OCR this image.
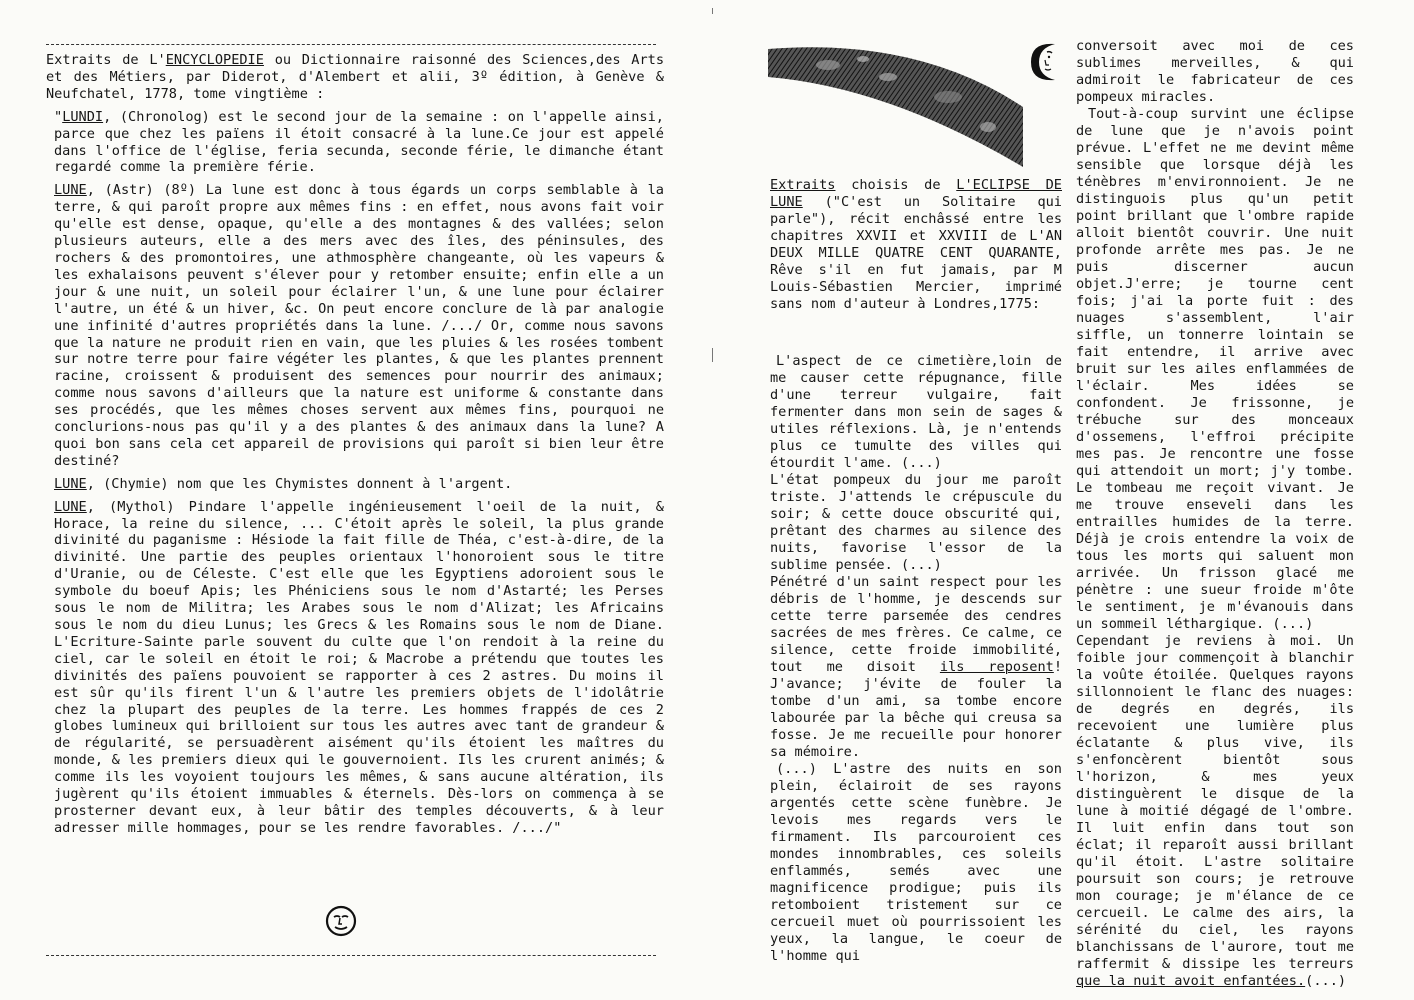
Extraits de L'ENCYCLOPEDIE ou Dictionnaire raisonné des Sciences,des Arts et des Métiers, par Diderot, d'Alembert et alii, 3º édition, à Genève & Neufchatel, 1778, tome vingtième :

"LUNDI, (Chronolog) est le second jour de la semaine : on l'appelle ainsi, parce que chez les païens il étoit consacré à la lune.Ce jour est appelé dans l'office de l'église, feria secunda, seconde férie, le dimanche étant regardé comme la première férie.

LUNE, (Astr) (8º) La lune est donc à tous égards un corps semblable à la terre, & qui paroît propre aux mêmes fins : en effet, nous avons fait voir qu'elle est dense, opaque, qu'elle a des montagnes & des vallées; selon plusieurs auteurs, elle a des mers avec des îles, des péninsules, des rochers & des promontoires, une athmosphère changeante, où les vapeurs & les exhalaisons peuvent s'élever pour y retomber ensuite; enfin elle a un jour & une nuit, un soleil pour éclairer l'un, & une lune pour éclairer l'autre, un été & un hiver, &c. On peut encore conclure de là par analogie une infinité d'autres propriétés dans la lune. /.../ Or, comme nous savons que la nature ne produit rien en vain, que les pluies & les rosées tombent sur notre terre pour faire végéter les plantes, & que les plantes prennent racine, croissent & produisent des semences pour nourrir des animaux; comme nous savons d'ailleurs que la nature est uniforme & constante dans ses procédés, que les mêmes choses servent aux mêmes fins, pourquoi ne conclurions-nous pas qu'il y a des plantes & des animaux dans la lune? A quoi bon sans cela cet appareil de provisions qui paroît si bien leur être destiné?

LUNE, (Chymie) nom que les Chymistes donnent à l'argent.

LUNE, (Mythol) Pindare l'appelle ingénieusement l'oeil de la nuit, & Horace, la reine du silence, ... C'étoit après le soleil, la plus grande divinité du paganisme : Hésiode la fait fille de Théa, c'est-à-dire, de la divinité. Une partie des peuples orientaux l'honoroient sous le titre d'Uranie, ou de Céleste. C'est elle que les Egyptiens adoroient sous le symbole du boeuf Apis; les Phéniciens sous le nom d'Astarté; les Perses sous le nom de Militra; les Arabes sous le nom d'Alizat; les Africains sous le nom du dieu Lunus; les Grecs & les Romains sous le nom de Diane. L'Ecriture-Sainte parle souvent du culte que l'on rendoit à la reine du ciel, car le soleil en étoit le roi; & Macrobe a prétendu que toutes les divinités des païens pouvoient se rapporter à ces 2 astres. Du moins il est sûr qu'ils firent l'un & l'autre les premiers objets de l'idolâtrie chez la plupart des peuples de la terre. Les hommes frappés de ces 2 globes lumineux qui brilloient sur tous les autres avec tant de grandeur & de régularité, se persuadèrent aisément qu'ils étoient les maîtres du monde, & les premiers dieux qui le gouvernoient. Ils les crurent animés; & comme ils les voyoient toujours les mêmes, & sans aucune altération, ils jugèrent qu'ils étoient immuables & éternels. Dès-lors on commença à se prosterner devant eux, à leur bâtir des temples découverts, & à leur adresser mille hommages, pour se les rendre favorables. /.../"

Extraits choisis de L'ECLIPSE DE LUNE ("C'est un Solitaire qui parle"), récit enchâssé entre les chapitres XXVII et XXVIII de L'AN DEUX MILLE QUATRE CENT QUARANTE, Rêve s'il en fut jamais, par M Louis-Sébastien Mercier, imprimé sans nom d'auteur à Londres,1775:

L'aspect de ce cimetière,loin de me causer cette répugnance, fille d'une terreur vulgaire, fait fermenter dans mon sein de sages & utiles réflexions. Là, je n'entends plus ce tumulte des villes qui étourdit l'ame. (...)

L'état pompeux du jour me paroît triste. J'attends le crépuscule du soir; & cette douce obscurité qui, prêtant des charmes au silence des nuits, favorise l'essor de la sublime pensée. (...)

Pénétré d'un saint respect pour les débris de l'homme, je descends sur cette terre parsemée des cendres sacrées de mes frères. Ce calme, ce silence, cette froide immobilité, tout me disoit ils reposent! J'avance; j'évite de fouler la tombe d'un ami, sa tombe encore labourée par la bêche qui creusa sa fosse. Je me recueille pour honorer sa mémoire.

(...) L'astre des nuits en son plein, éclairoit de ses rayons argentés cette scène funèbre. Je levois mes regards vers le firmament. Ils parcouroient ces mondes innombrables, ces soleils enflammés, semés avec une magnificence prodigue; puis ils retomboient tristement sur ce cercueil muet où pourrissoient les yeux, la langue, le coeur de l'homme qui

conversoit avec moi de ces sublimes merveilles, & qui admiroit le fabricateur de ces pompeux miracles.

Tout-à-coup survint une éclipse de lune que je n'avois point prévue. L'effet ne me devint même sensible que lorsque déjà les ténèbres m'environnoient. Je ne distinguois plus qu'un petit point brillant que l'ombre rapide alloit bientôt couvrir. Une nuit profonde arrête mes pas. Je ne puis discerner aucun objet.J'erre; je tourne cent fois; j'ai la porte fuit : des nuages s'assemblent, l'air siffle, un tonnerre lointain se fait entendre, il arrive avec bruit sur les ailes enflammées de l'éclair. Mes idées se confondent. Je frissonne, je trébuche sur des monceaux d'ossemens, l'effroi précipite mes pas. Je rencontre une fosse qui attendoit un mort; j'y tombe. Le tombeau me reçoit vivant. Je me trouve enseveli dans les entrailles humides de la terre. Déjà je crois entendre la voix de tous les morts qui saluent mon arrivée. Un frisson glacé me pénètre : une sueur froide m'ôte le sentiment, je m'évanouis dans un sommeil léthargique. (...)

Cependant je reviens à moi. Un foible jour commençoit à blanchir la voûte étoilée. Quelques rayons sillonnoient le flanc des nuages: de degrés en degrés, ils recevoient une lumière plus éclatante & plus vive, ils s'enfoncèrent bientôt sous l'horizon, & mes yeux distinguèrent le disque de la lune à moitié dégagé de l'ombre. Il luit enfin dans tout son éclat; il reparoît aussi brillant qu'il étoit. L'astre solitaire poursuit son cours; je retrouve mon courage; je m'élance de ce cercueil. Le calme des airs, la sérénité du ciel, les rayons blanchissans de l'aurore, tout me raffermit & dissipe les terreurs que la nuit avoit enfantées.(...)
